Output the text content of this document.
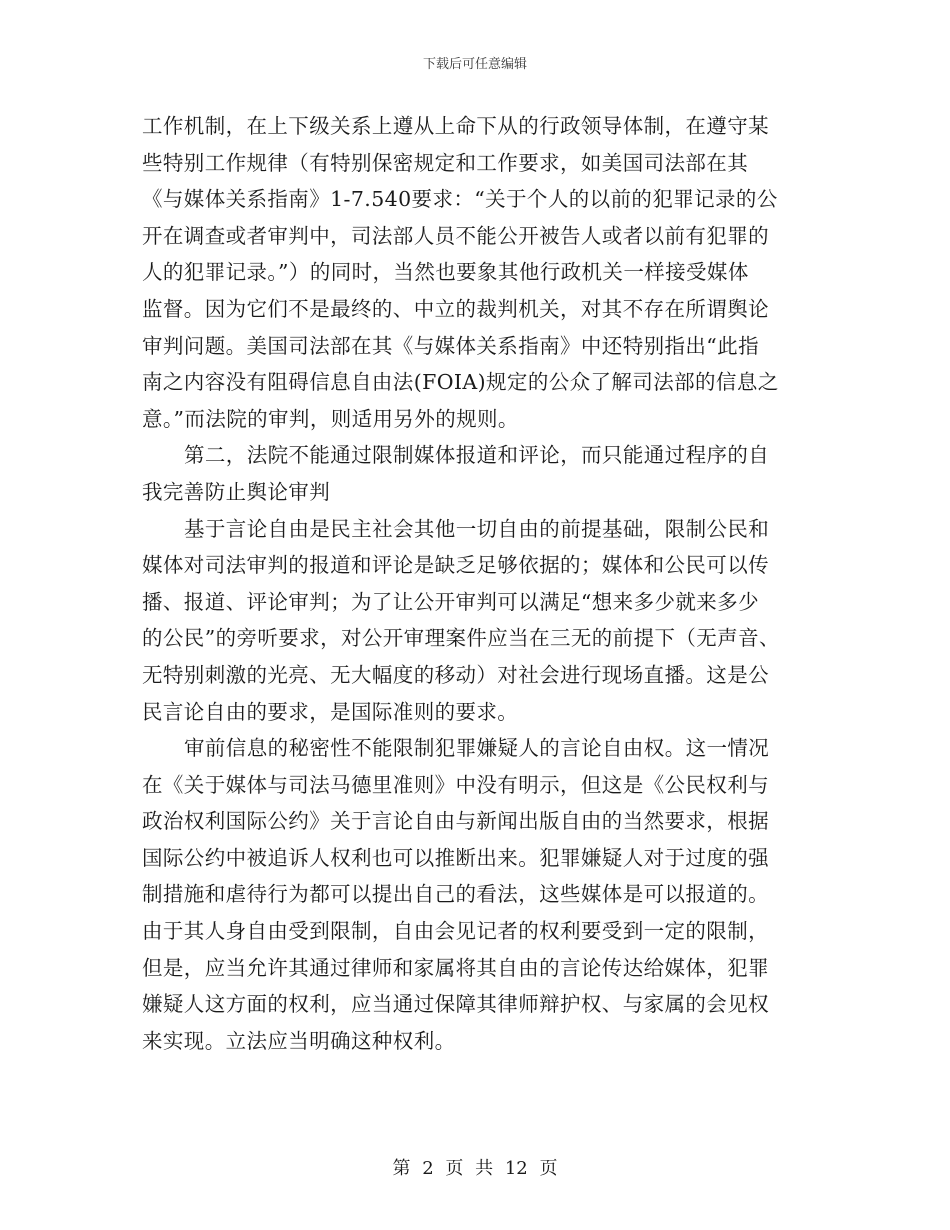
下载后可任意编辑
工作机制，在上下级关系上遵从上命下从的行政领导体制，在遵守某
些特别工作规律（有特别保密规定和工作要求，如美国司法部在其
《与媒体关系指南》1-7.540要求：“关于个人的以前的犯罪记录的公
开在调查或者审判中，司法部人员不能公开被告人或者以前有犯罪的
人的犯罪记录。”）的同时，当然也要象其他行政机关一样接受媒体
监督。因为它们不是最终的、中立的裁判机关，对其不存在所谓舆论
审判问题。美国司法部在其《与媒体关系指南》中还特别指出“此指
南之内容没有阻碍信息自由法(FOIA)规定的公众了解司法部的信息之
意。”而法院的审判，则适用另外的规则。
第二，法院不能通过限制媒体报道和评论，而只能通过程序的自
我完善防止舆论审判
基于言论自由是民主社会其他一切自由的前提基础，限制公民和
媒体对司法审判的报道和评论是缺乏足够依据的；媒体和公民可以传
播、报道、评论审判；为了让公开审判可以满足“想来多少就来多少
的公民”的旁听要求，对公开审理案件应当在三无的前提下（无声音、
无特别刺激的光亮、无大幅度的移动）对社会进行现场直播。这是公
民言论自由的要求，是国际准则的要求。
审前信息的秘密性不能限制犯罪嫌疑人的言论自由权。这一情况
在《关于媒体与司法马德里准则》中没有明示，但这是《公民权利与
政治权利国际公约》关于言论自由与新闻出版自由的当然要求，根据
国际公约中被追诉人权利也可以推断出来。犯罪嫌疑人对于过度的强
制措施和虐待行为都可以提出自己的看法，这些媒体是可以报道的。
由于其人身自由受到限制，自由会见记者的权利要受到一定的限制，
但是，应当允许其通过律师和家属将其自由的言论传达给媒体，犯罪
嫌疑人这方面的权利，应当通过保障其律师辩护权、与家属的会见权
来实现。立法应当明确这种权利。
第 2 页 共 12 页
